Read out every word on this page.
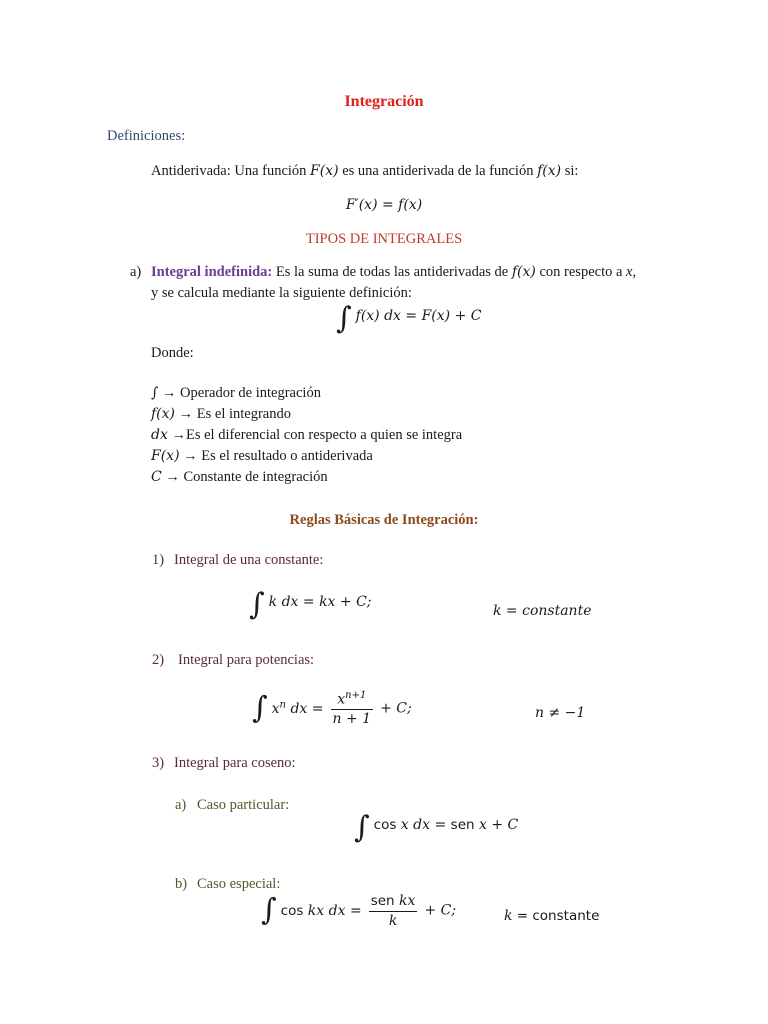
Integración
Definiciones:
Antiderivada: Una función F(x) es una antiderivada de la función f(x) si:
F′(x) = f(x)
TIPOS DE INTEGRALES
a) Integral indefinida: Es la suma de todas las antiderivadas de f(x) con respecto a x,
y se calcula mediante la siguiente definición:
∫ f(x) dx = F(x) + C
Donde:
∫ → Operador de integración
f(x) → Es el integrando
dx →Es el diferencial con respecto a quien se integra
F(x) → Es el resultado o antiderivada
C → Constante de integración
Reglas Básicas de Integración:
1) Integral de una constante:
∫ k dx = kx + C;
k = constante
2) Integral para potencias:
∫ $x^n$ dx = $\frac{x^{n+1}}{n + 1} + C$;	n ≠ −1
3) Integral para coseno:
a) Caso particular:
∫ cos x dx = sen x + C
b) Caso especial:
∫ cos kx dx = $\frac{\text{sen kx}}{k} + C$;	k = constante
